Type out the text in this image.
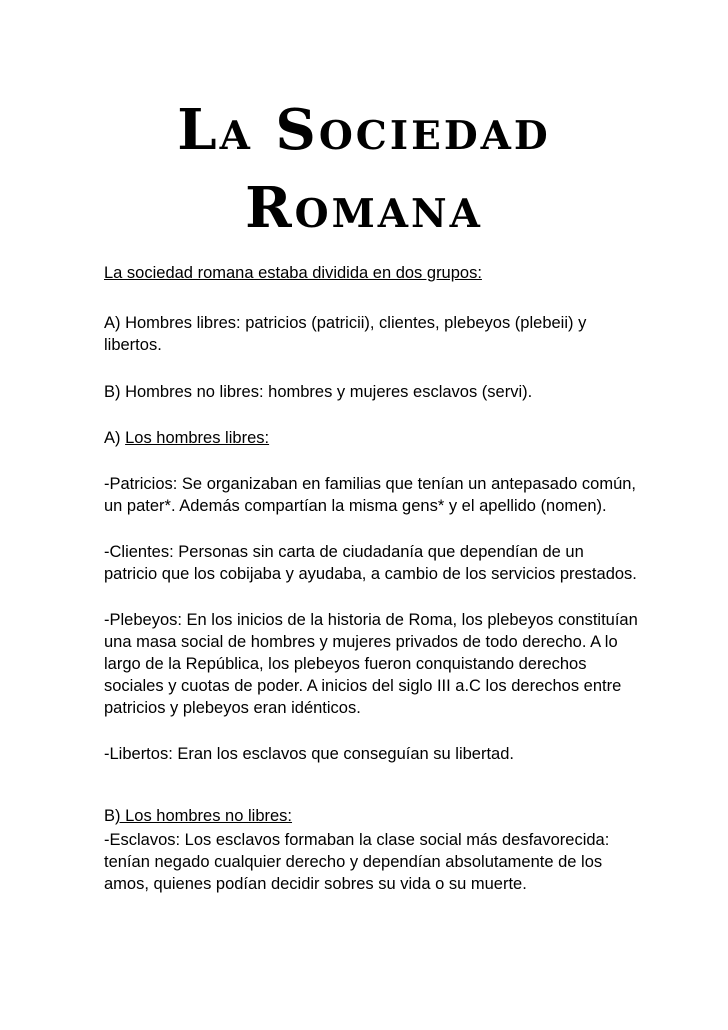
La Sociedad
Romana

La sociedad romana estaba dividida en dos grupos:

A) Hombres libres: patricios (patricii), clientes, plebeyos (plebeii) y

libertos.

B) Hombres no libres: hombres y mujeres esclavos (servi).

A) Los hombres libres:

-Patricios: Se organizaban en familias que tenían un antepasado común,

un pater*. Además compartían la misma gens* y el apellido (nomen).

-Clientes: Personas sin carta de ciudadanía que dependían de un

patricio que los cobijaba y ayudaba, a cambio de los servicios prestados.

-Plebeyos: En los inicios de la historia de Roma, los plebeyos constituían

una masa social de hombres y mujeres privados de todo derecho. A lo

largo de la República, los plebeyos fueron conquistando derechos

sociales y cuotas de poder. A inicios del siglo III a.C los derechos entre

patricios y plebeyos eran idénticos.

-Libertos: Eran los esclavos que conseguían su libertad.

B) Los hombres no libres:

-Esclavos: Los esclavos formaban la clase social más desfavorecida:

tenían negado cualquier derecho y dependían absolutamente de los

amos, quienes podían decidir sobres su vida o su muerte.
